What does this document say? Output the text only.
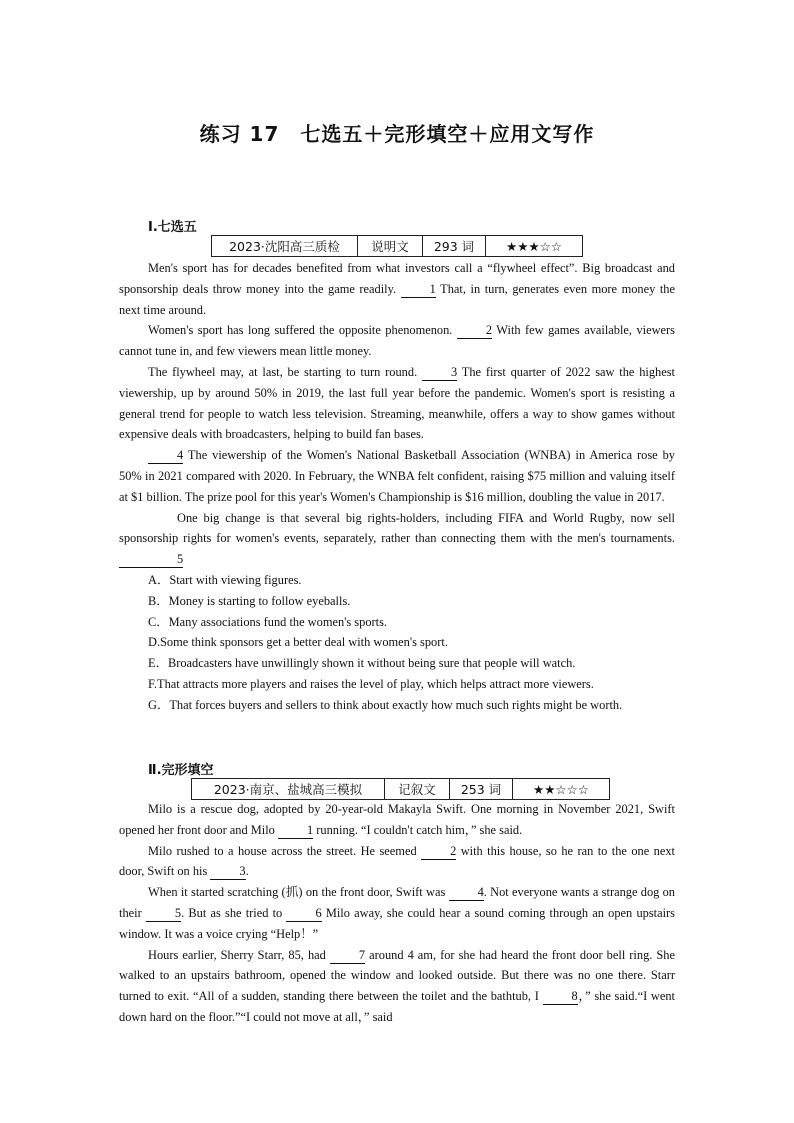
练习 17　七选五＋完形填空＋应用文写作
Ⅰ.七选五
2023·沈阳高三质检	说明文	293 词	★★★☆☆

Men's sport has for decades benefited from what investors call a “flywheel effect”. Big broadcast and sponsorship deals throw money into the game readily. 1 That, in turn, generates even more money the next time around.

Women's sport has long suffered the opposite phenomenon. 2 With few games available, viewers cannot tune in, and few viewers mean little money.

The flywheel may, at last, be starting to turn round. 3 The first quarter of 2022 saw the highest viewership, up by around 50% in 2019, the last full year before the pandemic. Women's sport is resisting a general trend for people to watch less television. Streaming, meanwhile, offers a way to show games without expensive deals with broadcasters, helping to build fan bases.

4 The viewership of the Women's National Basketball Association (WNBA) in America rose by 50% in 2021 compared with 2020. In February, the WNBA felt confident, raising $75 million and valuing itself at $1 billion. The prize pool for this year's Women's Championship is $16 million, doubling the value in 2017.

One big change is that several big rights-holders, including FIFA and World Rugby, now sell sponsorship rights for women's events, separately, rather than connecting them with the men's tournaments. 5

A．Start with viewing figures.

B．Money is starting to follow eyeballs.

C．Many associations fund the women's sports.

D.Some think sponsors get a better deal with women's sport.

E．Broadcasters have unwillingly shown it without being sure that people will watch.

F.That attracts more players and raises the level of play, which helps attract more viewers.

G．That forces buyers and sellers to think about exactly how much such rights might be worth.

Ⅱ.完形填空
2023·南京、盐城高三模拟	记叙文	253 词	★★☆☆☆

Milo is a rescue dog, adopted by 20-year-old Makayla Swift. One morning in November 2021, Swift opened her front door and Milo 1 running. “I couldn't catch him，” she said.

Milo rushed to a house across the street. He seemed 2 with this house, so he ran to the one next door, Swift on his 3.

When it started scratching (抓) on the front door, Swift was 4. Not everyone wants a strange dog on their 5. But as she tried to 6 Milo away, she could hear a sound coming through an open upstairs window. It was a voice crying “Help！”

Hours earlier, Sherry Starr, 85, had 7 around 4 am, for she had heard the front door bell ring. She walked to an upstairs bathroom, opened the window and looked outside. But there was no one there. Starr turned to exit. “All of a sudden, standing there between the toilet and the bathtub, I 8，” she said.“I went down hard on the floor.”“I could not move at all，” said
